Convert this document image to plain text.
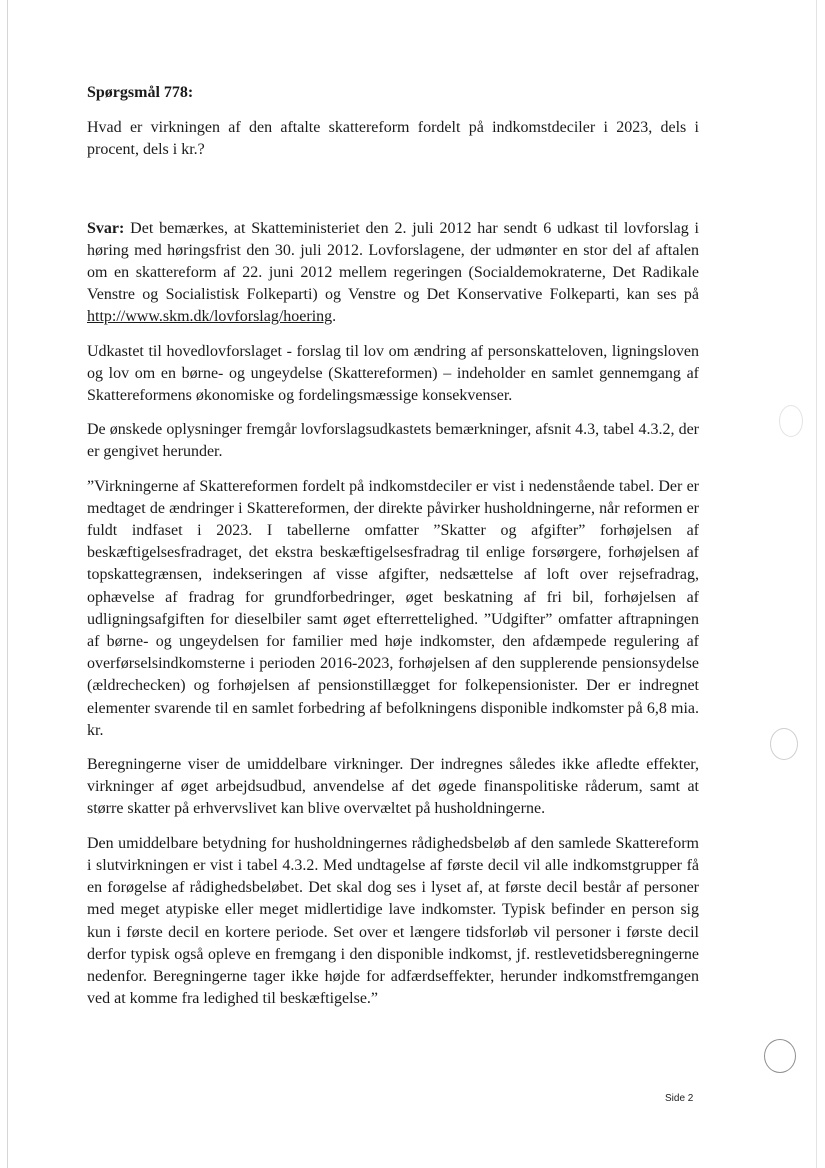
Spørgsmål 778:

Hvad er virkningen af den aftalte skattereform fordelt på indkomstdeciler i 2023, dels i procent, dels i kr.?

Svar: Det bemærkes, at Skatteministeriet den 2. juli 2012 har sendt 6 udkast til lovforslag i høring med høringsfrist den 30. juli 2012. Lovforslagene, der udmønter en stor del af aftalen om en skattereform af 22. juni 2012 mellem regeringen (Socialdemokraterne, Det Radikale Venstre og Socialistisk Folkeparti) og Venstre og Det Konservative Folkeparti, kan ses på http://www.skm.dk/lovforslag/hoering.

Udkastet til hovedlovforslaget - forslag til lov om ændring af personskatteloven, ligningsloven og lov om en børne- og ungeydelse (Skattereformen) – indeholder en samlet gennemgang af Skattereformens økonomiske og fordelingsmæssige konsekvenser.

De ønskede oplysninger fremgår lovforslagsudkastets bemærkninger, afsnit 4.3, tabel 4.3.2, der er gengivet herunder.

”Virkningerne af Skattereformen fordelt på indkomstdeciler er vist i nedenstående tabel. Der er medtaget de ændringer i Skattereformen, der direkte påvirker husholdningerne, når reformen er fuldt indfaset i 2023. I tabellerne omfatter ”Skatter og afgifter” forhøjelsen af beskæftigelsesfradraget, det ekstra beskæftigelsesfradrag til enlige forsørgere, forhøjelsen af topskattegrænsen, indekseringen af visse afgifter, nedsættelse af loft over rejsefradrag, ophævelse af fradrag for grundforbedringer, øget beskatning af fri bil, forhøjelsen af udligningsafgiften for dieselbiler samt øget efterrettelighed. ”Udgifter” omfatter aftrapningen af børne- og ungeydelsen for familier med høje indkomster, den afdæmpede regulering af overførselsindkomsterne i perioden 2016-2023, forhøjelsen af den supplerende pensionsydelse (ældrechecken) og forhøjelsen af pensionstillægget for folkepensionister. Der er indregnet elementer svarende til en samlet forbedring af befolkningens disponible indkomster på 6,8 mia. kr.

Beregningerne viser de umiddelbare virkninger. Der indregnes således ikke afledte effekter, virkninger af øget arbejdsudbud, anvendelse af det øgede finanspolitiske råderum, samt at større skatter på erhvervslivet kan blive overvæltet på husholdningerne.

Den umiddelbare betydning for husholdningernes rådighedsbeløb af den samlede Skattereform i slutvirkningen er vist i tabel 4.3.2. Med undtagelse af første decil vil alle indkomstgrupper få en forøgelse af rådighedsbeløbet. Det skal dog ses i lyset af, at første decil består af personer med meget atypiske eller meget midlertidige lave indkomster. Typisk befinder en person sig kun i første decil en kortere periode. Set over et længere tidsforløb vil personer i første decil derfor typisk også opleve en fremgang i den disponible indkomst, jf. restlevetidsberegningerne nedenfor. Beregningerne tager ikke højde for adfærdseffekter, herunder indkomstfremgangen ved at komme fra ledighed til beskæftigelse.”

Side 2
